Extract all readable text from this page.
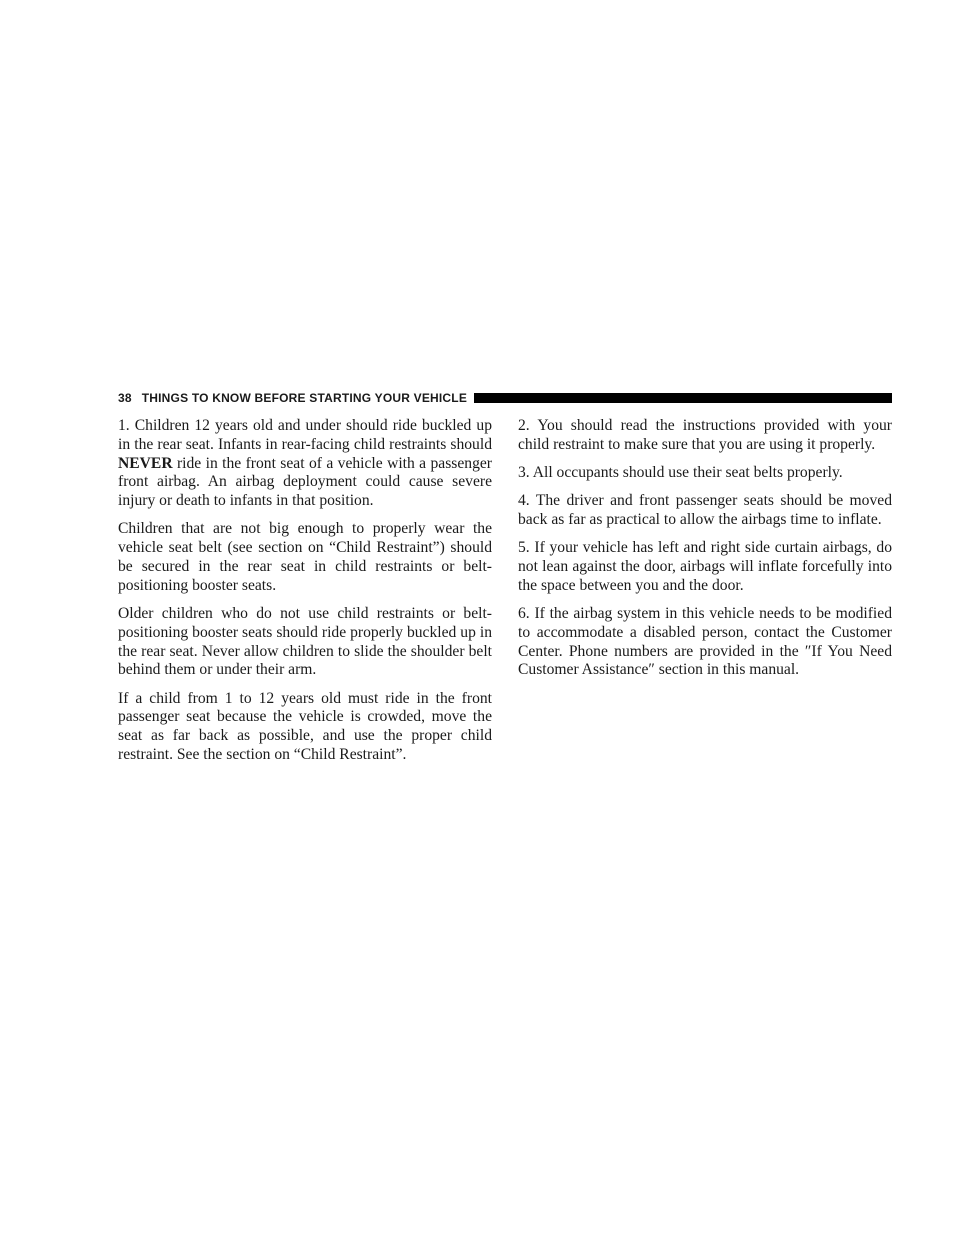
38 THINGS TO KNOW BEFORE STARTING YOUR VEHICLE

1. Children 12 years old and under should ride buckled up in the rear seat. Infants in rear-facing child restraints should NEVER ride in the front seat of a vehicle with a passenger front airbag. An airbag deployment could cause severe injury or death to infants in that position.

Children that are not big enough to properly wear the vehicle seat belt (see section on “Child Restraint”) should be secured in the rear seat in child restraints or belt-positioning booster seats.

Older children who do not use child restraints or belt-positioning booster seats should ride properly buckled up in the rear seat. Never allow children to slide the shoulder belt behind them or under their arm.

If a child from 1 to 12 years old must ride in the front passenger seat because the vehicle is crowded, move the seat as far back as possible, and use the proper child restraint. See the section on “Child Restraint”.

2. You should read the instructions provided with your child restraint to make sure that you are using it properly.

3. All occupants should use their seat belts properly.

4. The driver and front passenger seats should be moved back as far as practical to allow the airbags time to inflate.

5. If your vehicle has left and right side curtain airbags, do not lean against the door, airbags will inflate forcefully into the space between you and the door.

6. If the airbag system in this vehicle needs to be modified to accommodate a disabled person, contact the Customer Center. Phone numbers are provided in the ″If You Need Customer Assistance″ section in this manual.
